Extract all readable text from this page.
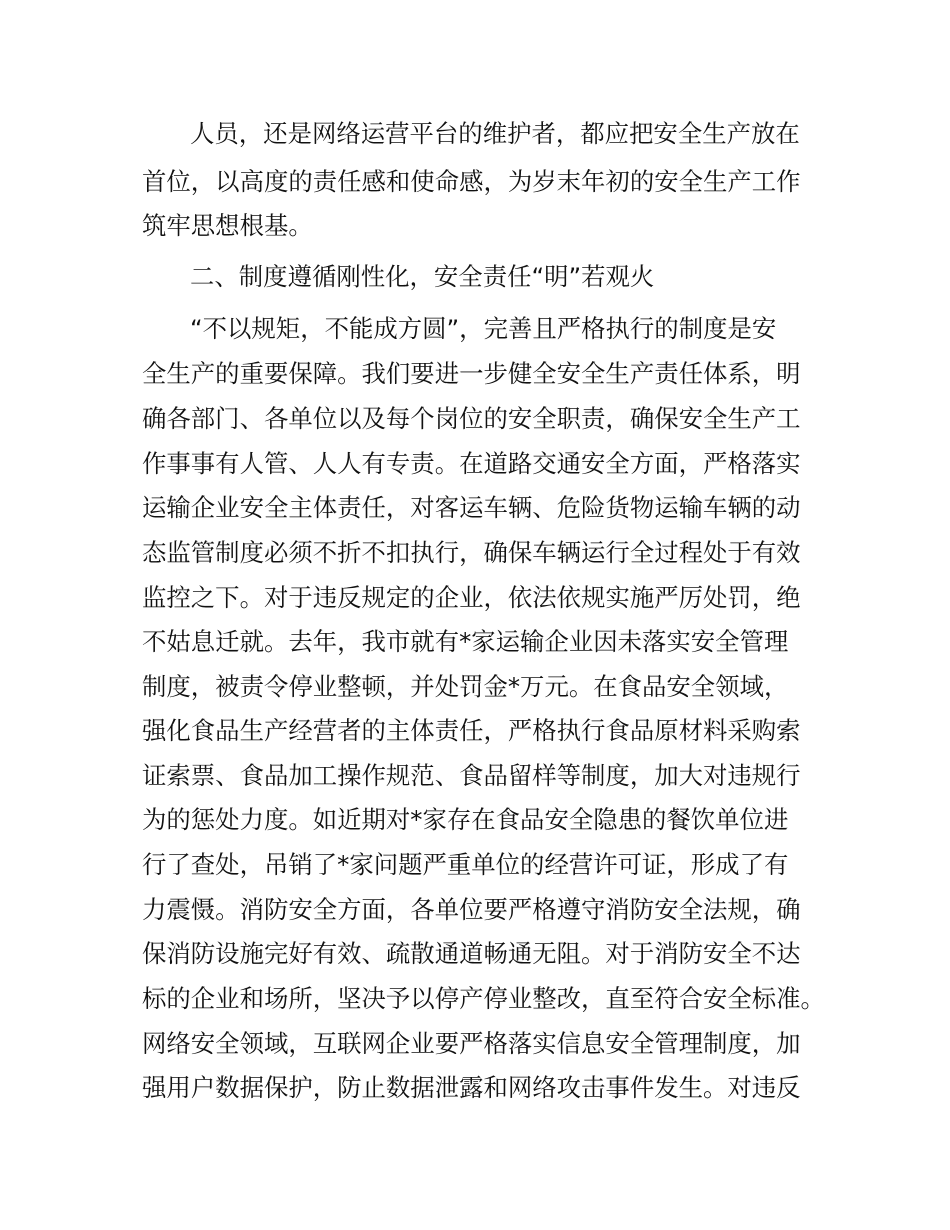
人员，还是网络运营平台的维护者，都应把安全生产放在
首位，以高度的责任感和使命感，为岁末年初的安全生产工作
筑牢思想根基。
二、制度遵循刚性化，安全责任“明”若观火
“不以规矩，不能成方圆”，完善且严格执行的制度是安
全生产的重要保障。我们要进一步健全安全生产责任体系，明
确各部门、各单位以及每个岗位的安全职责，确保安全生产工
作事事有人管、人人有专责。在道路交通安全方面，严格落实
运输企业安全主体责任，对客运车辆、危险货物运输车辆的动
态监管制度必须不折不扣执行，确保车辆运行全过程处于有效
监控之下。对于违反规定的企业，依法依规实施严厉处罚，绝
不姑息迁就。去年，我市就有*家运输企业因未落实安全管理
制度，被责令停业整顿，并处罚金*万元。在食品安全领域，
强化食品生产经营者的主体责任，严格执行食品原材料采购索
证索票、食品加工操作规范、食品留样等制度，加大对违规行
为的惩处力度。如近期对*家存在食品安全隐患的餐饮单位进
行了查处，吊销了*家问题严重单位的经营许可证，形成了有
力震慑。消防安全方面，各单位要严格遵守消防安全法规，确
保消防设施完好有效、疏散通道畅通无阻。对于消防安全不达
标的企业和场所，坚决予以停产停业整改，直至符合安全标准。
网络安全领域，互联网企业要严格落实信息安全管理制度，加
强用户数据保护，防止数据泄露和网络攻击事件发生。对违反
